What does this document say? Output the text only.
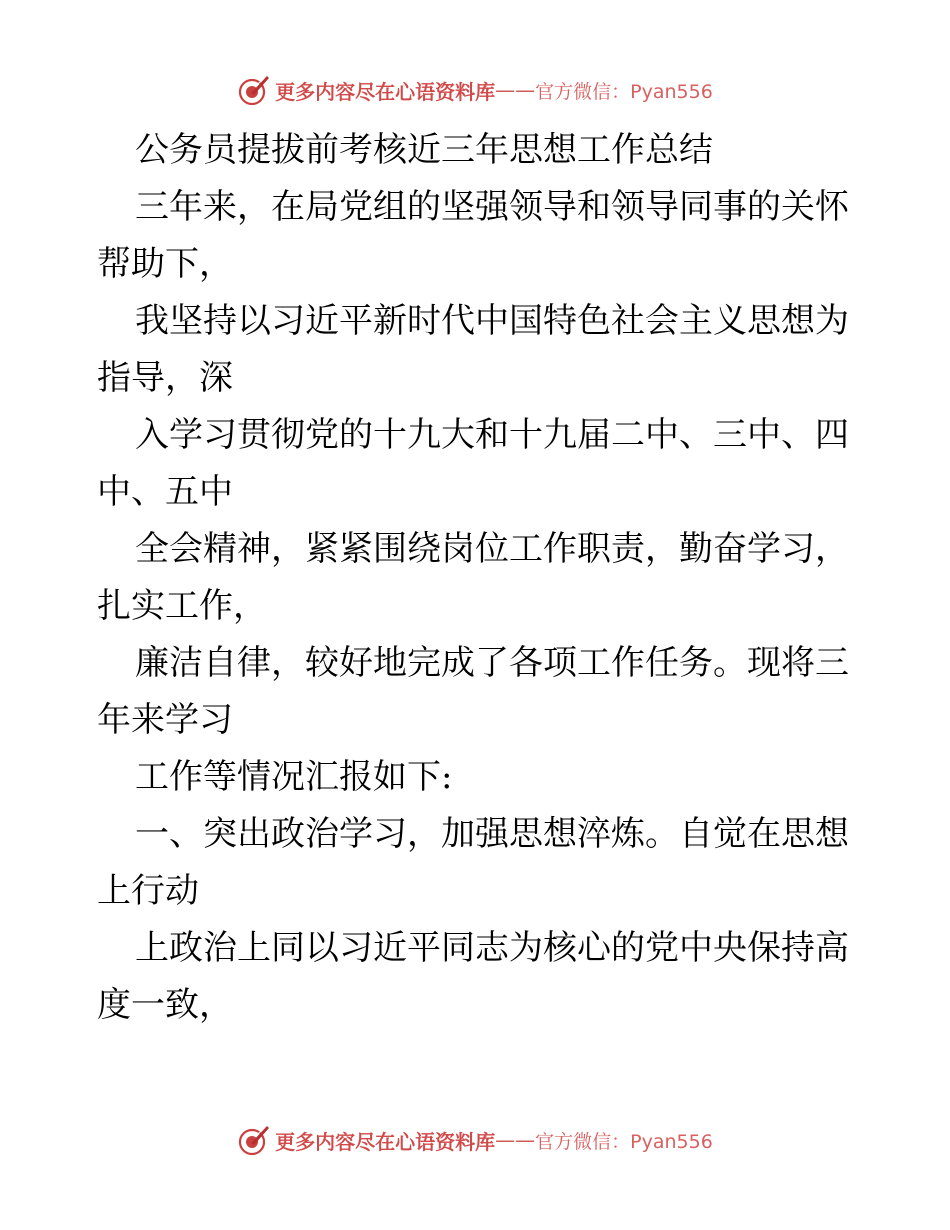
更多内容尽在心语资料库 —— 官方微信：Pyan556
公务员提拔前考核近三年思想工作总结
三年来，在局党组的坚强领导和领导同事的关怀
帮助下，
我坚持以习近平新时代中国特色社会主义思想为
指导，深
入学习贯彻党的十九大和十九届二中、三中、四
中、五中
全会精神，紧紧围绕岗位工作职责，勤奋学习，
扎实工作，
廉洁自律，较好地完成了各项工作任务。现将三
年来学习
工作等情况汇报如下:
一、突出政治学习，加强思想淬炼。自觉在思想
上行动
上政治上同以习近平同志为核心的党中央保持高
度一致，
更多内容尽在心语资料库 —— 官方微信：Pyan556
